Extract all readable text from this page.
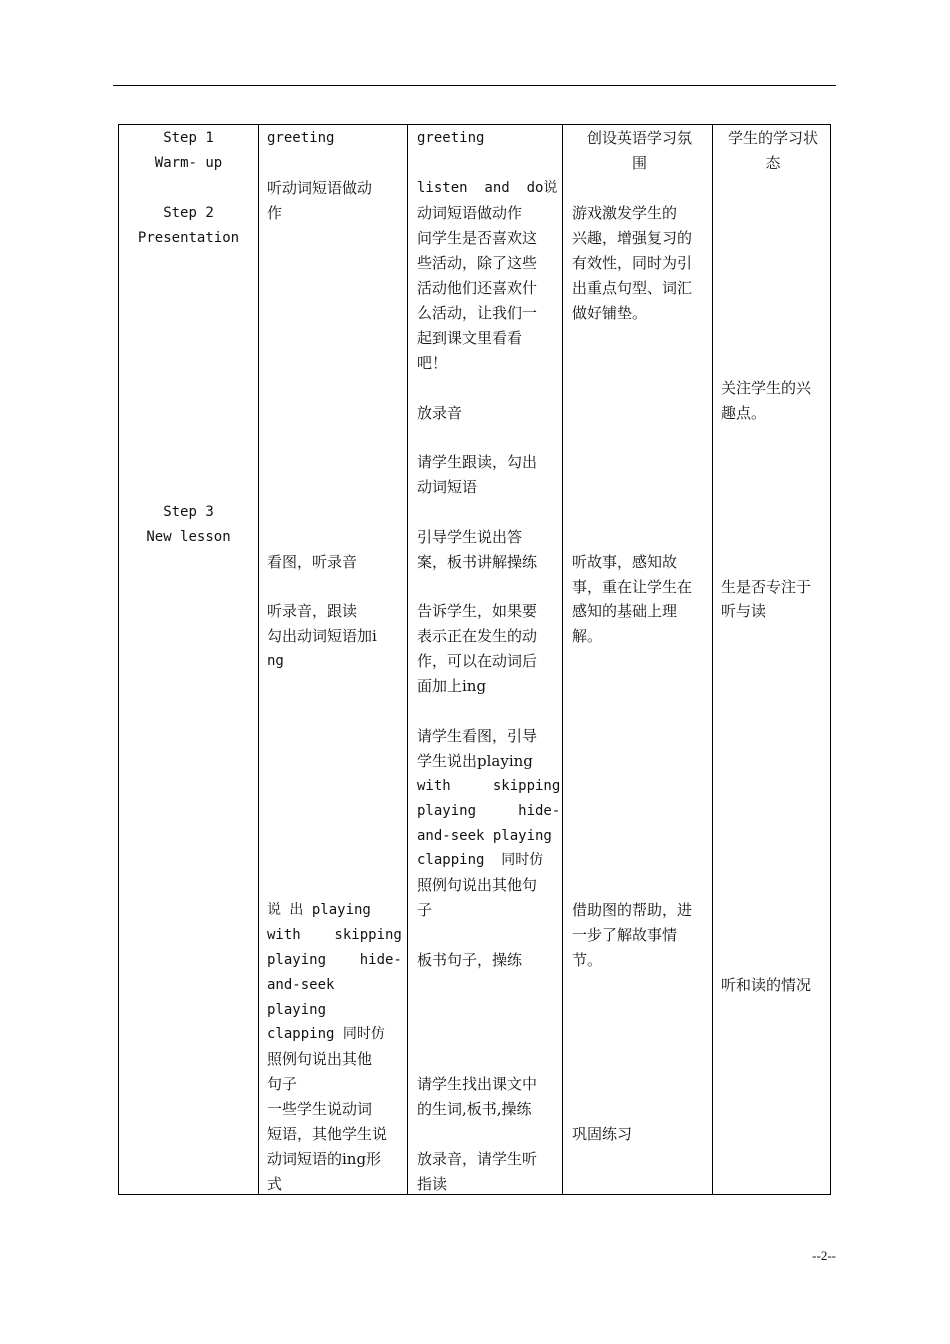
Step 1
Warm- up
Step 2
Presentation
Step 3
New lesson
greeting
听动词短语做动
作
看图，听录音
听录音，跟读
勾出动词短语加i
ng
说 出 playing
with    skipping
playing    hide-
and-seek
playing
clapping 同时仿
照例句说出其他
句子
一些学生说动词
短语，其他学生说
动词短语的ing形
式
greeting
listen  and  do说
动词短语做动作
问学生是否喜欢这
些活动，除了这些
活动他们还喜欢什
么活动，让我们一
起到课文里看看
吧！
放录音
请学生跟读，勾出
动词短语
引导学生说出答
案，板书讲解操练
告诉学生，如果要
表示正在发生的动
作，可以在动词后
面加上ing
请学生看图，引导
学生说出playing
with     skipping
playing     hide-
and-seek playing
clapping  同时仿
照例句说出其他句
子
板书句子，操练
请学生找出课文中
的生词,板书,操练
放录音，请学生听
指读
创设英语学习氛
围
游戏激发学生的
兴趣，增强复习的
有效性，同时为引
出重点句型、词汇
做好铺垫。
听故事，感知故
事，重在让学生在
感知的基础上理
解。
借助图的帮助，进
一步了解故事情
节。
巩固练习
学生的学习状
态
关注学生的兴
趣点。
生是否专注于
听与读
听和读的情况
--2--
